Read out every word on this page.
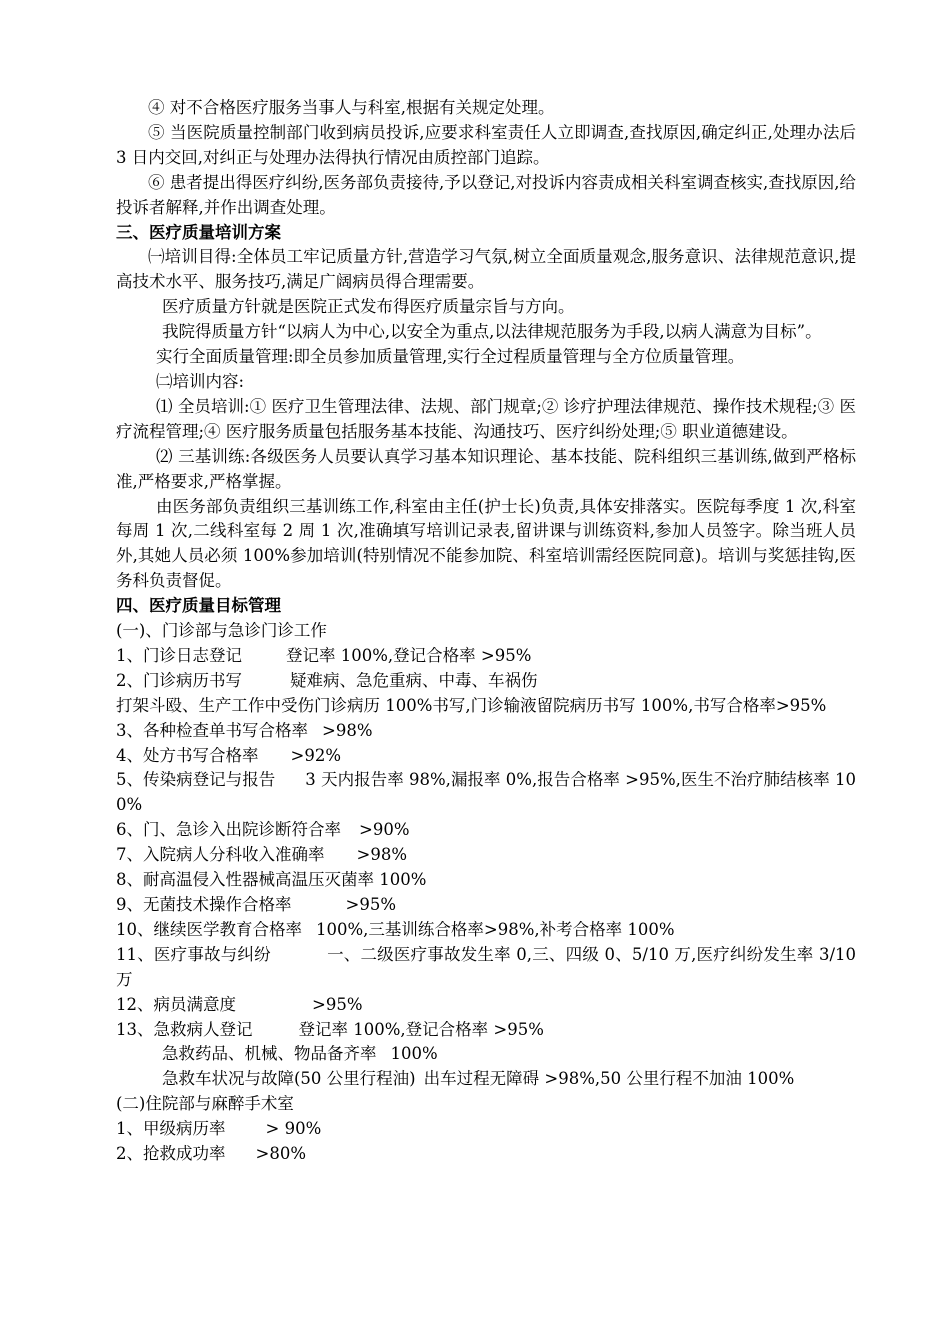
④ 对不合格医疗服务当事人与科室,根据有关规定处理。

⑤ 当医院质量控制部门收到病员投诉,应要求科室责任人立即调查,查找原因,确定纠正,处理办法后 3 日内交回,对纠正与处理办法得执行情况由质控部门追踪。

⑥ 患者提出得医疗纠纷,医务部负责接待,予以登记,对投诉内容责成相关科室调查核实,查找原因,给投诉者解释,并作出调查处理。

三、医疗质量培训方案

㈠培训目得:全体员工牢记质量方针,营造学习气氛,树立全面质量观念,服务意识、法律规范意识,提高技术水平、服务技巧,满足广阔病员得合理需要。

医疗质量方针就是医院正式发布得医疗质量宗旨与方向。

我院得质量方针“以病人为中心,以安全为重点,以法律规范服务为手段,以病人满意为目标”。

实行全面质量管理:即全员参加质量管理,实行全过程质量管理与全方位质量管理。

㈡培训内容:

⑴ 全员培训:① 医疗卫生管理法律、法规、部门规章;② 诊疗护理法律规范、操作技术规程;③ 医疗流程管理;④ 医疗服务质量包括服务基本技能、沟通技巧、医疗纠纷处理;⑤ 职业道德建设。

⑵ 三基训练:各级医务人员要认真学习基本知识理论、基本技能、院科组织三基训练,做到严格标准,严格要求,严格掌握。

由医务部负责组织三基训练工作,科室由主任(护士长)负责,具体安排落实。医院每季度 1 次,科室每周 1 次,二线科室每 2 周 1 次,准确填写培训记录表,留讲课与训练资料,参加人员签字。除当班人员外,其她人员必须 100%参加培训(特别情况不能参加院、科室培训需经医院同意)。培训与奖惩挂钩,医务科负责督促。

四、医疗质量目标管理

(一)、门诊部与急诊门诊工作

1、门诊日志登记	登记率 100%,登记合格率 >95%

2、门诊病历书写	疑难病、急危重病、中毒、车祸伤

打架斗殴、生产工作中受伤门诊病历 100%书写,门诊输液留院病历书写 100%,书写合格率>95%

3、各种检查单书写合格率 >98%

4、处方书写合格率 >92%

5、传染病登记与报告 3 天内报告率 98%,漏报率 0%,报告合格率 >95%,医生不治疗肺结核率 100%

6、门、急诊入出院诊断符合率 >90%

7、入院病人分科收入准确率 >98%

8、耐高温侵入性器械高温压灭菌率 100%

9、无菌技术操作合格率	>95%

10、继续医学教育合格率 100%,三基训练合格率>98%,补考合格率 100%

11、医疗事故与纠纷	一、二级医疗事故发生率 0,三、四级 0、5/10 万,医疗纠纷发生率 3/10 万

12、病员满意度	>95%

13、急救病人登记	登记率 100%,登记合格率 >95%

急救药品、机械、物品备齐率 100%

急救车状况与故障(50 公里行程油) 出车过程无障碍 >98%,50 公里行程不加油 100%

(二)住院部与麻醉手术室

1、甲级病历率 > 90%

2、抢救成功率 >80%
